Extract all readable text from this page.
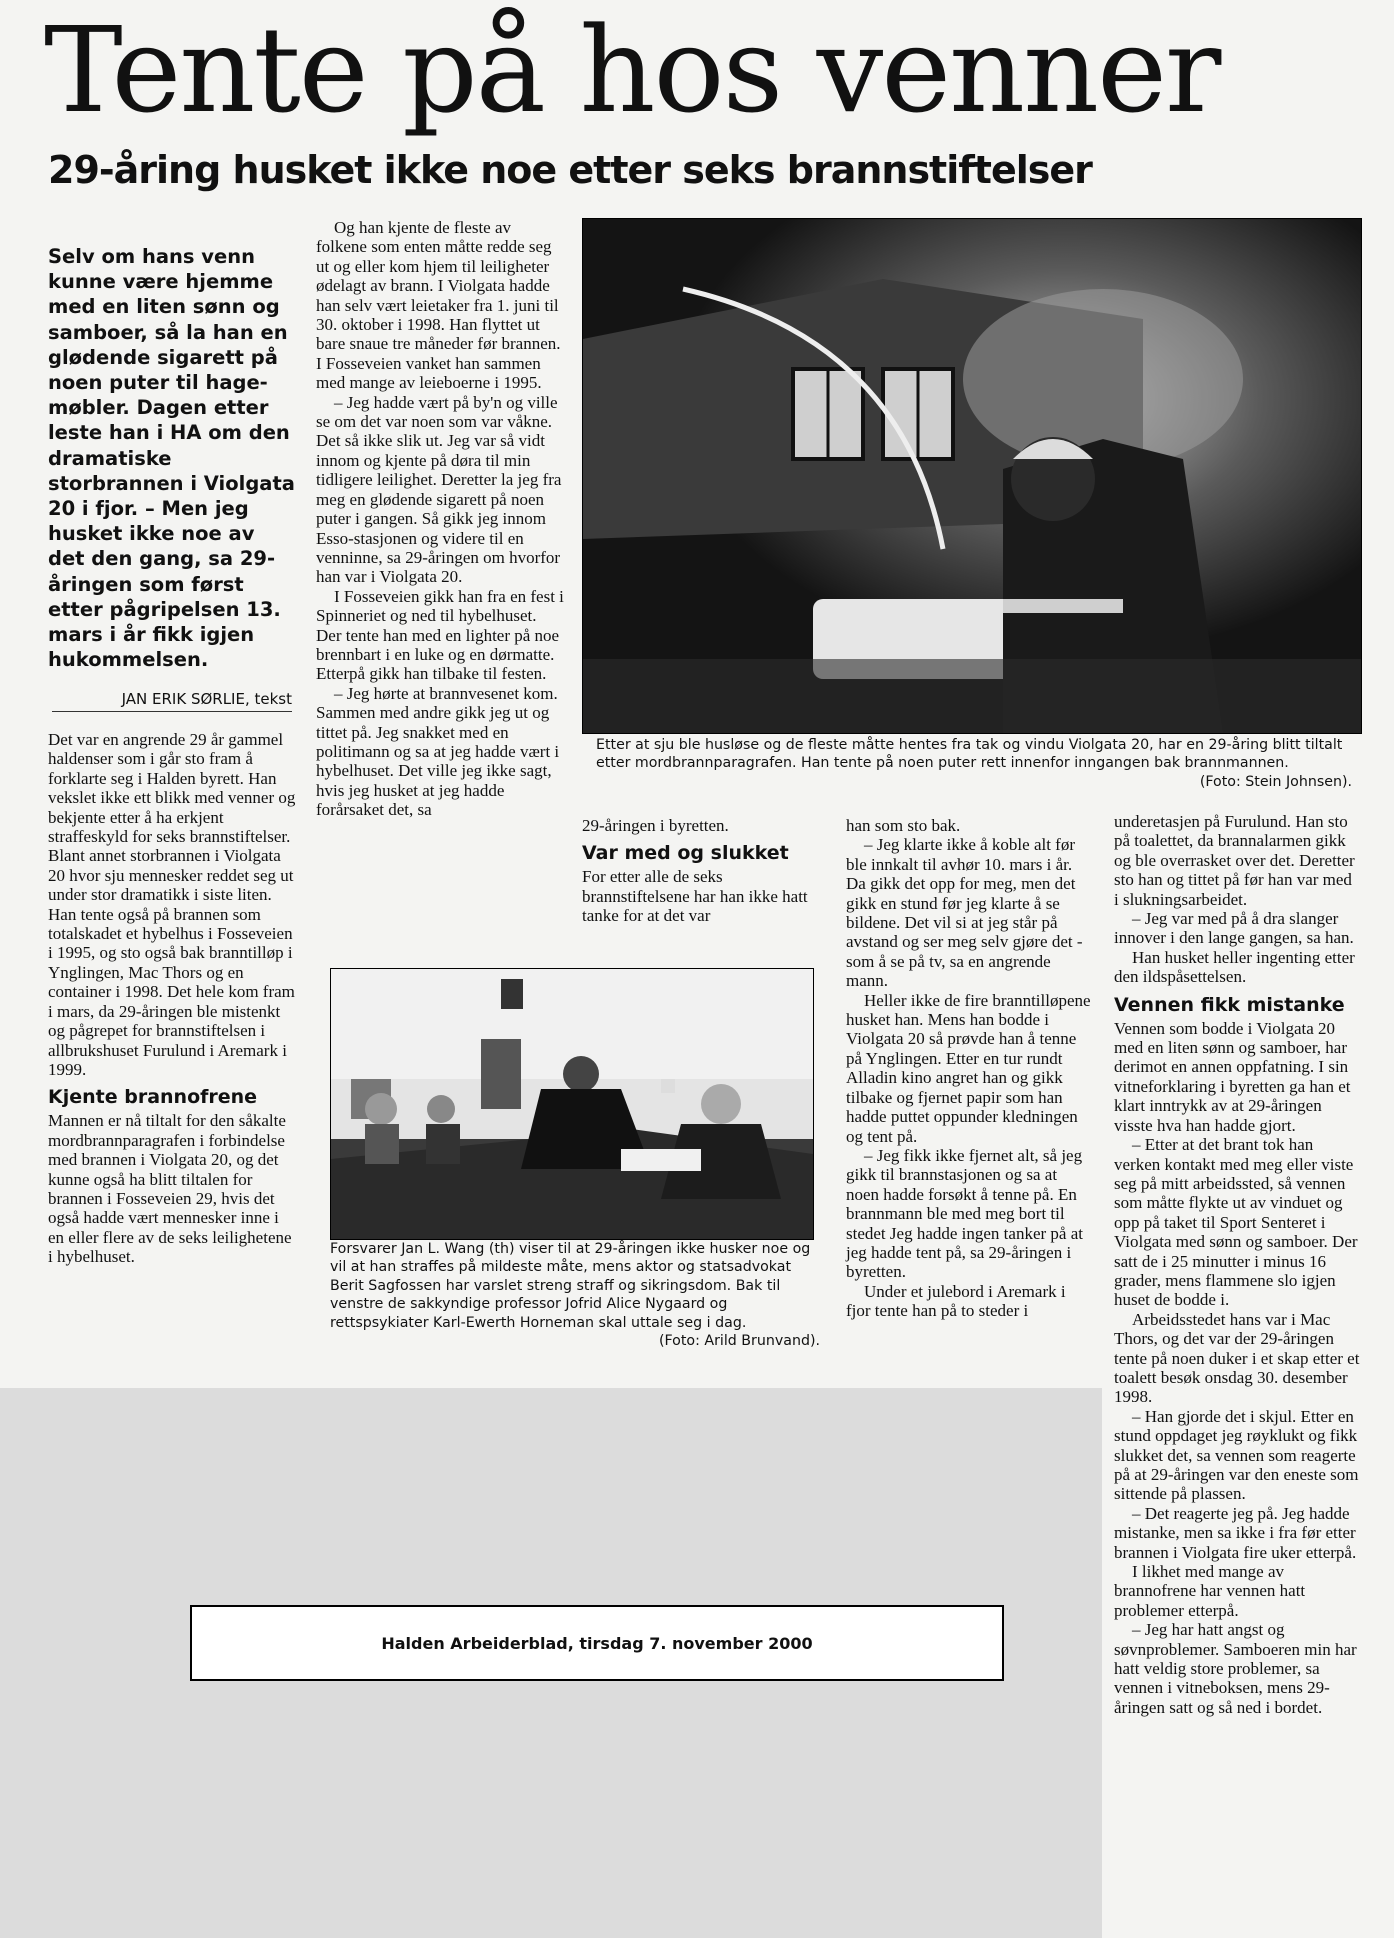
Tente på hos venner
29-åring husket ikke noe etter seks brannstiftelser
Selv om hans venn kunne være hjemme med en liten sønn og samboer, så la han en glødende sigarett på noen puter til hage-møbler. Dagen etter leste han i HA om den dramatiske storbrannen i Violgata 20 i fjor. – Men jeg husket ikke noe av det den gang, sa 29-åringen som først etter pågripelsen 13. mars i år fikk igjen hukommelsen.
JAN ERIK SØRLIE, tekst

Det var en angrende 29 år gammel haldenser som i går sto fram å forklarte seg i Halden byrett. Han vekslet ikke ett blikk med venner og bekjente etter å ha erkjent straffeskyld for seks brannstiftelser. Blant annet storbrannen i Violgata 20 hvor sju mennesker reddet seg ut under stor dramatikk i siste liten. Han tente også på brannen som totalskadet et hybelhus i Fosseveien i 1995, og sto også bak branntilløp i Ynglingen, Mac Thors og en container i 1998. Det hele kom fram i mars, da 29-åringen ble mistenkt og pågrepet for brannstiftelsen i allbrukshuset Furulund i Aremark i 1999.

Kjente brannofrene

Mannen er nå tiltalt for den såkalte mordbrannparagrafen i forbindelse med brannen i Violgata 20, og det kunne også ha blitt tiltalen for brannen i Fosseveien 29, hvis det også hadde vært mennesker inne i en eller flere av de seks leilighetene i hybelhuset.

Og han kjente de fleste av folkene som enten måtte redde seg ut og eller kom hjem til leiligheter ødelagt av brann. I Violgata hadde han selv vært leietaker fra 1. juni til 30. oktober i 1998. Han flyttet ut bare snaue tre måneder før brannen. I Fosseveien vanket han sammen med mange av leieboerne i 1995.

– Jeg hadde vært på by'n og ville se om det var noen som var våkne. Det så ikke slik ut. Jeg var så vidt innom og kjente på døra til min tidligere leilighet. Deretter la jeg fra meg en glødende sigarett på noen puter i gangen. Så gikk jeg innom Esso-stasjonen og videre til en venninne, sa 29-åringen om hvorfor han var i Violgata 20.

I Fosseveien gikk han fra en fest i Spinneriet og ned til hybelhuset. Der tente han med en lighter på noe brennbart i en luke og en dørmatte. Etterpå gikk han tilbake til festen.

– Jeg hørte at brannvesenet kom. Sammen med andre gikk jeg ut og tittet på. Jeg snakket med en politimann og sa at jeg hadde vært i hybelhuset. Det ville jeg ikke sagt, hvis jeg husket at jeg hadde forårsaket det, sa

Etter at sju ble husløse og de fleste måtte hentes fra tak og vindu Violgata 20, har en 29-åring blitt tiltalt etter mordbrannparagrafen. Han tente på noen puter rett innenfor inngangen bak brannmannen.
(Foto: Stein Johnsen).

29-åringen i byretten.

Var med og slukket

For etter alle de seks brannstiftelsene har han ikke hatt tanke for at det var

Forsvarer Jan L. Wang (th) viser til at 29-åringen ikke husker noe og vil at han straffes på mildeste måte, mens aktor og statsadvokat Berit Sagfossen har varslet streng straff og sikringsdom. Bak til venstre de sakkyndige professor Jofrid Alice Nygaard og rettspsykiater Karl-Ewerth Horneman skal uttale seg i dag.
(Foto: Arild Brunvand).

han som sto bak.

– Jeg klarte ikke å koble alt før ble innkalt til avhør 10. mars i år. Da gikk det opp for meg, men det gikk en stund før jeg klarte å se bildene. Det vil si at jeg står på avstand og ser meg selv gjøre det - som å se på tv, sa en angrende mann.

Heller ikke de fire branntilløpene husket han. Mens han bodde i Violgata 20 så prøvde han å tenne på Ynglingen. Etter en tur rundt Alladin kino angret han og gikk tilbake og fjernet papir som han hadde puttet oppunder kledningen og tent på.

– Jeg fikk ikke fjernet alt, så jeg gikk til brannstasjonen og sa at noen hadde forsøkt å tenne på. En brannmann ble med meg bort til stedet Jeg hadde ingen tanker på at jeg hadde tent på, sa 29-åringen i byretten.

Under et julebord i Aremark i fjor tente han på to steder i

underetasjen på Furulund. Han sto på toalettet, da brannalarmen gikk og ble overrasket over det. Deretter sto han og tittet på før han var med i slukningsarbeidet.

– Jeg var med på å dra slanger innover i den lange gangen, sa han.

Han husket heller ingenting etter den ildspåsettelsen.

Vennen fikk mistanke

Vennen som bodde i Violgata 20 med en liten sønn og samboer, har derimot en annen oppfatning. I sin vitneforklaring i byretten ga han et klart inntrykk av at 29-åringen visste hva han hadde gjort.

– Etter at det brant tok han verken kontakt med meg eller viste seg på mitt arbeidssted, så vennen som måtte flykte ut av vinduet og opp på taket til Sport Senteret i Violgata med sønn og samboer. Der satt de i 25 minutter i minus 16 grader, mens flammene slo igjen huset de bodde i.

Arbeidsstedet hans var i Mac Thors, og det var der 29-åringen tente på noen duker i et skap etter et toalett besøk onsdag 30. desember 1998.

– Han gjorde det i skjul. Etter en stund oppdaget jeg røyklukt og fikk slukket det, sa vennen som reagerte på at 29-åringen var den eneste som sittende på plassen.

– Det reagerte jeg på. Jeg hadde mistanke, men sa ikke i fra før etter brannen i Violgata fire uker etterpå.

I likhet med mange av brannofrene har vennen hatt problemer etterpå.

– Jeg har hatt angst og søvnproblemer. Samboeren min har hatt veldig store problemer, sa vennen i vitneboksen, mens 29-åringen satt og så ned i bordet.

Halden Arbeiderblad, tirsdag 7. november 2000
